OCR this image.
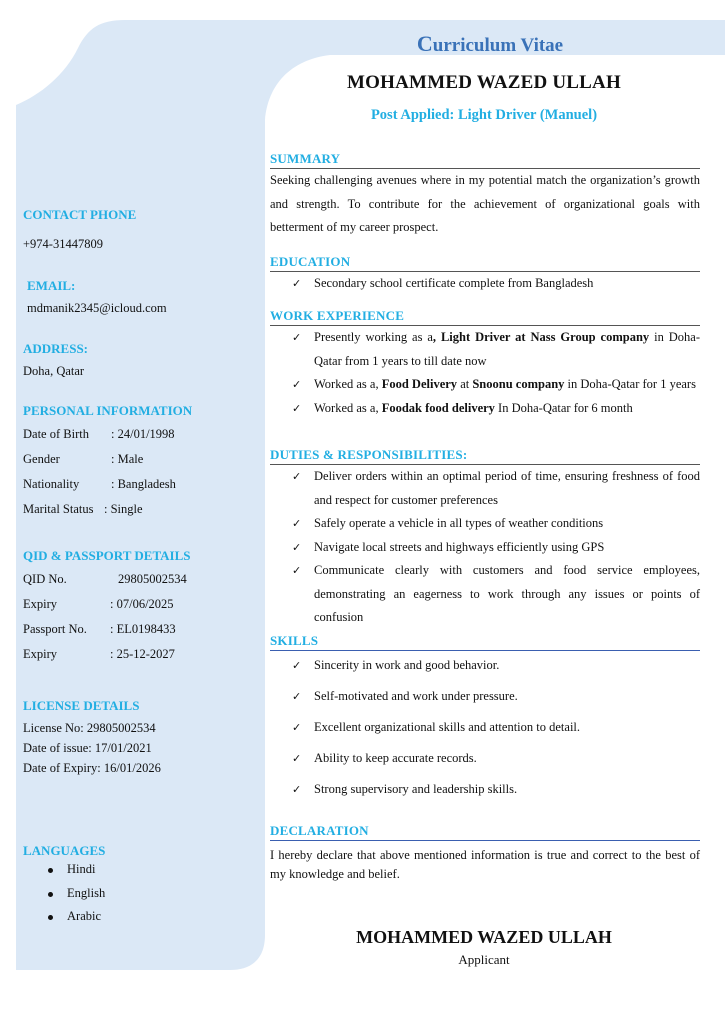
Curriculum Vitae
MOHAMMED WAZED ULLAH
Post Applied: Light Driver (Manuel)
CONTACT PHONE
+974-31447809
EMAIL:
mdmanik2345@icloud.com
ADDRESS:
Doha, Qatar
PERSONAL INFORMATION
Date of Birth : 24/01/1998
Gender	: Male
Nationality	: Bangladesh
Marital Status : Single
QID & PASSPORT DETAILS
QID No.	29805002534
Expiry	: 07/06/2025
Passport No. : EL0198433
Expiry	: 25-12-2027
LICENSE DETAILS
License No: 29805002534
Date of issue: 17/01/2021
Date of Expiry: 16/01/2026
LANGUAGES
Hindi
English
Arabic
SUMMARY
Seeking challenging avenues where in my potential match the organization’s growth and strength. To contribute for the achievement of organizational goals with betterment of my career prospect.
EDUCATION
✓ Secondary school certificate complete from Bangladesh
WORK EXPERIENCE
✓ Presently working as a, Light Driver at Nass Group company in Doha-Qatar from 1 years to till date now
✓ Worked as a, Food Delivery at Snoonu company in Doha-Qatar for 1 years
✓ Worked as a, Foodak food delivery In Doha-Qatar for 6 month
DUTIES & RESPONSIBILITIES:
✓ Deliver orders within an optimal period of time, ensuring freshness of food and respect for customer preferences
✓ Safely operate a vehicle in all types of weather conditions
✓ Navigate local streets and highways efficiently using GPS
✓ Communicate clearly with customers and food service employees, demonstrating an eagerness to work through any issues or points of confusion
SKILLS
✓ Sincerity in work and good behavior.
✓ Self-motivated and work under pressure.
✓ Excellent organizational skills and attention to detail.
✓ Ability to keep accurate records.
✓ Strong supervisory and leadership skills.
DECLARATION
I hereby declare that above mentioned information is true and correct to the best of my knowledge and belief.
MOHAMMED WAZED ULLAH
Applicant
